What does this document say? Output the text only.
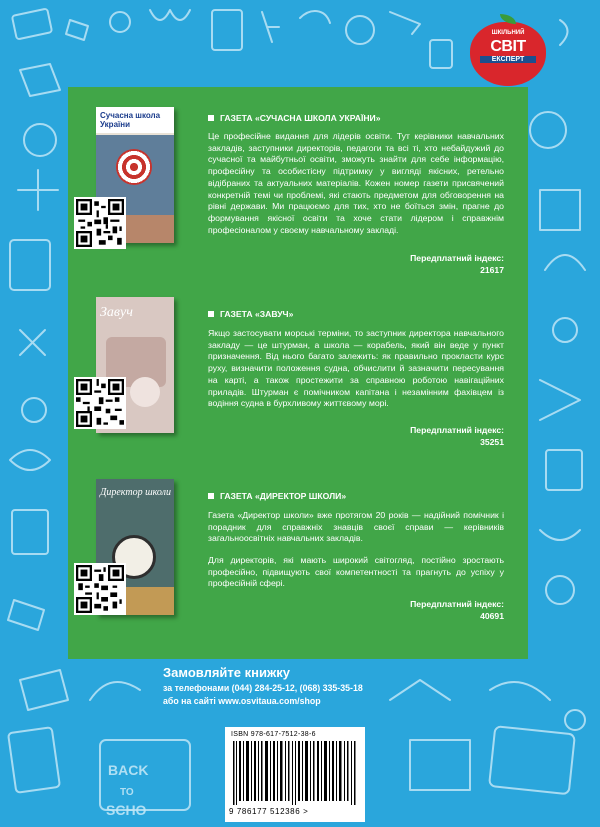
BACK
TO
SCHO
ШКІЛЬНИЙ
СВІТ
ЕКСПЕРТ
Сучасна школа України
ГАЗЕТА «СУЧАСНА ШКОЛА УКРАЇНИ»

Це професійне видання для лідерів освіти. Тут керівники навчальних закладів, заступники директорів, педагоги та всі ті, хто небайдужий до сучасної та майбутньої освіти, зможуть знайти для себе інформацію, професійну та особистісну підтримку у вигляді якісних, ретельно відібраних та актуальних матеріалів. Кожен номер газети присвячений конкретній темі чи проблемі, які стають предметом для обговорення на рівні держави. Ми працюємо для тих, хто не боїться змін, прагне до формування якісної освіти та хоче стати лідером і справжнім професіоналом у своєму навчальному закладі.

Передплатний індекс:
21617
Завуч	ГАЗЕТА «ЗАВУЧ»

Якщо застосувати морські терміни, то заступник директора навчального закладу — це штурман, а школа — корабель, який він веде у пункт призначення. Від нього багато залежить: як правильно прокласти курс руху, визначити положення судна, обчислити й зазначити пересування на карті, а також простежити за справною роботою навігаційних приладів. Штурман є помічником капітана і незамінним фахівцем із водіння судна в бурхливому життєвому морі.

Передплатний індекс:
35251
Директор школи	ГАЗЕТА «ДИРЕКТОР ШКОЛИ»

Газета «Директор школи» вже протягом 20 років — надійний помічник і порадник для справжніх знавців своєї справи — керівників загальноосвітніх навчальних закладів.

Для директорів, які мають широкий світогляд, постійно зростають професійно, підвищують свої компетентності та прагнуть до успіху у професійній сфері.

Передплатний індекс:
40691
Замовляйте книжку
за телефонами (044) 284-25-12, (068) 335-35-18
або на сайті www.osvitaua.com/shop
ISBN 978-617-7512-38-6
9 786177 512386 >
